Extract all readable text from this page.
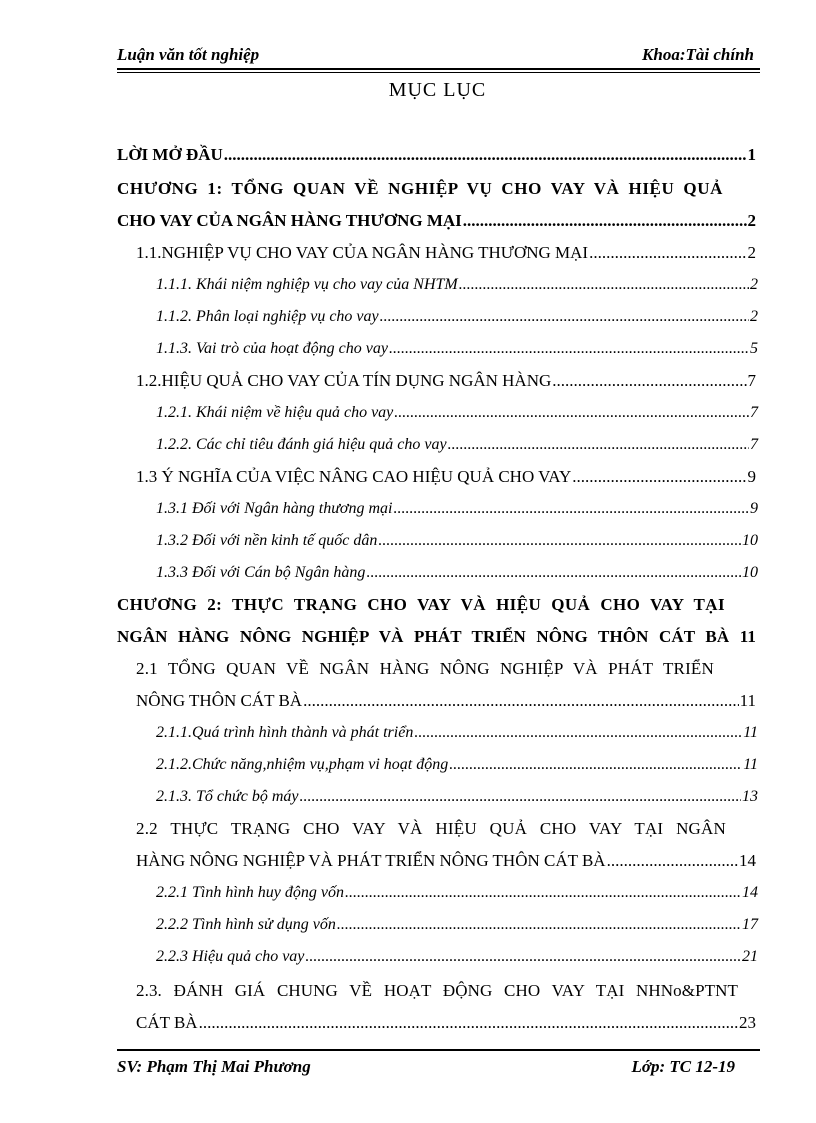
Luận văn tốt nghiệp	Khoa:Tài chính
MỤC LỤC
LỜI MỞ ĐẦU .....	1
CHƯƠNG 1: TỔNG QUAN VỀ NGHIỆP VỤ CHO VAY VÀ HIỆU QUẢ
CHO VAY CỦA NGÂN HÀNG THƯƠNG MẠI .....	2
1.1.NGHIỆP VỤ CHO VAY CỦA NGÂN HÀNG THƯƠNG MẠI .....	2
1.1.1. Khái niệm nghiệp vụ cho vay của NHTM .....	2
1.1.2. Phân loại nghiệp vụ cho vay .....	2
1.1.3. Vai trò của hoạt động cho vay .....	5
1.2.HIỆU QUẢ CHO VAY CỦA TÍN DỤNG NGÂN HÀNG .....	7
1.2.1. Khái niệm về hiệu quả cho vay .....	7
1.2.2. Các chỉ tiêu đánh giá hiệu quả cho vay .....	7
1.3 Ý NGHĨA CỦA VIỆC NÂNG CAO HIỆU QUẢ CHO VAY .....	9
1.3.1 Đối với Ngân hàng thương mại .....	9
1.3.2 Đối với nền kinh tế quốc dân .....	10
1.3.3 Đối với Cán bộ Ngân hàng .....	10
CHƯƠNG 2: THỰC TRẠNG CHO VAY VÀ HIỆU QUẢ CHO VAY TẠI
NGÂN HÀNG NÔNG NGHIỆP VÀ PHÁT TRIỂN NÔNG THÔN CÁT BÀ 11
2.1 TỔNG QUAN VỀ NGÂN HÀNG NÔNG NGHIỆP VÀ PHÁT TRIỂN
NÔNG THÔN CÁT BÀ .....	11
2.1.1.Quá trình hình thành và phát triển .....	11
2.1.2.Chức năng,nhiệm vụ,phạm vi hoạt động .....	11
2.1.3. Tổ chức bộ máy .....	13
2.2 THỰC TRẠNG CHO VAY VÀ HIỆU QUẢ CHO VAY TẠI NGÂN
HÀNG NÔNG NGHIỆP VÀ PHÁT TRIỂN NÔNG THÔN CÁT BÀ .....	14
2.2.1 Tình hình huy động vốn .....	14
2.2.2 Tình hình sử dụng vốn .....	17
2.2.3 Hiệu quả cho vay .....	21
2.3. ĐÁNH GIÁ CHUNG VỀ HOẠT ĐỘNG CHO VAY TẠI NHNo&PTNT
CÁT BÀ .....	23
SV: Phạm Thị Mai Phương	Lớp: TC 12-19
